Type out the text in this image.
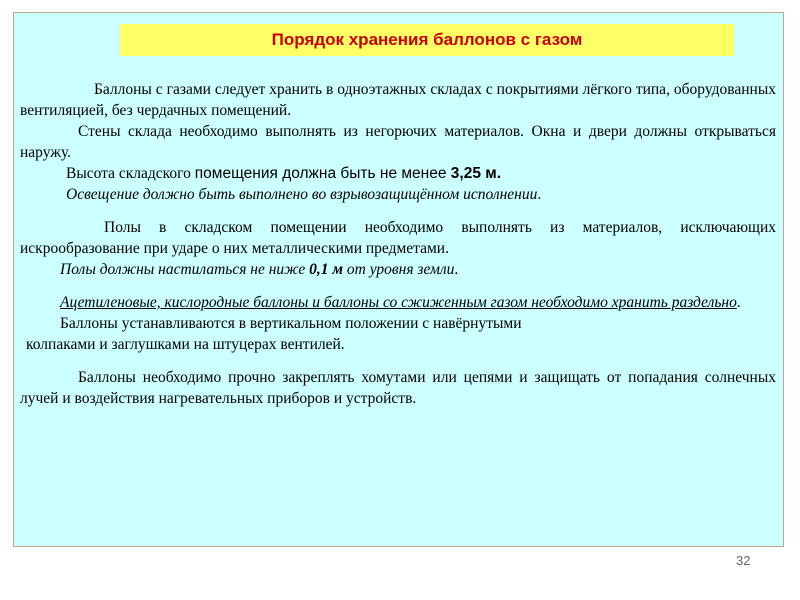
Порядок хранения баллонов с газом

Баллоны с газами следует хранить в одноэтажных складах с покрытиями лёгкого типа, оборудованных вентиляцией, без чердачных помещений.

Стены склада необходимо выполнять из негорючих материалов. Окна и двери должны открываться наружу.

Высота складского помещения должна быть не менее 3,25 м.

Освещение должно быть выполнено во взрывозащищённом исполнении.

Полы в складском помещении необходимо выполнять из материалов, исключающих искрообразование при ударе о них металлическими предметами.

Полы должны настилаться не ниже 0,1 м от уровня земли.

Ацетиленовые, кислородные баллоны и баллоны со сжиженным газом необходимо хранить раздельно.

Баллоны устанавливаются в вертикальном положении с навёрнутыми

колпаками и заглушками на штуцерах вентилей.

Баллоны необходимо прочно закреплять хомутами или цепями и защищать от попадания солнечных лучей и воздействия нагревательных приборов и устройств.

32
